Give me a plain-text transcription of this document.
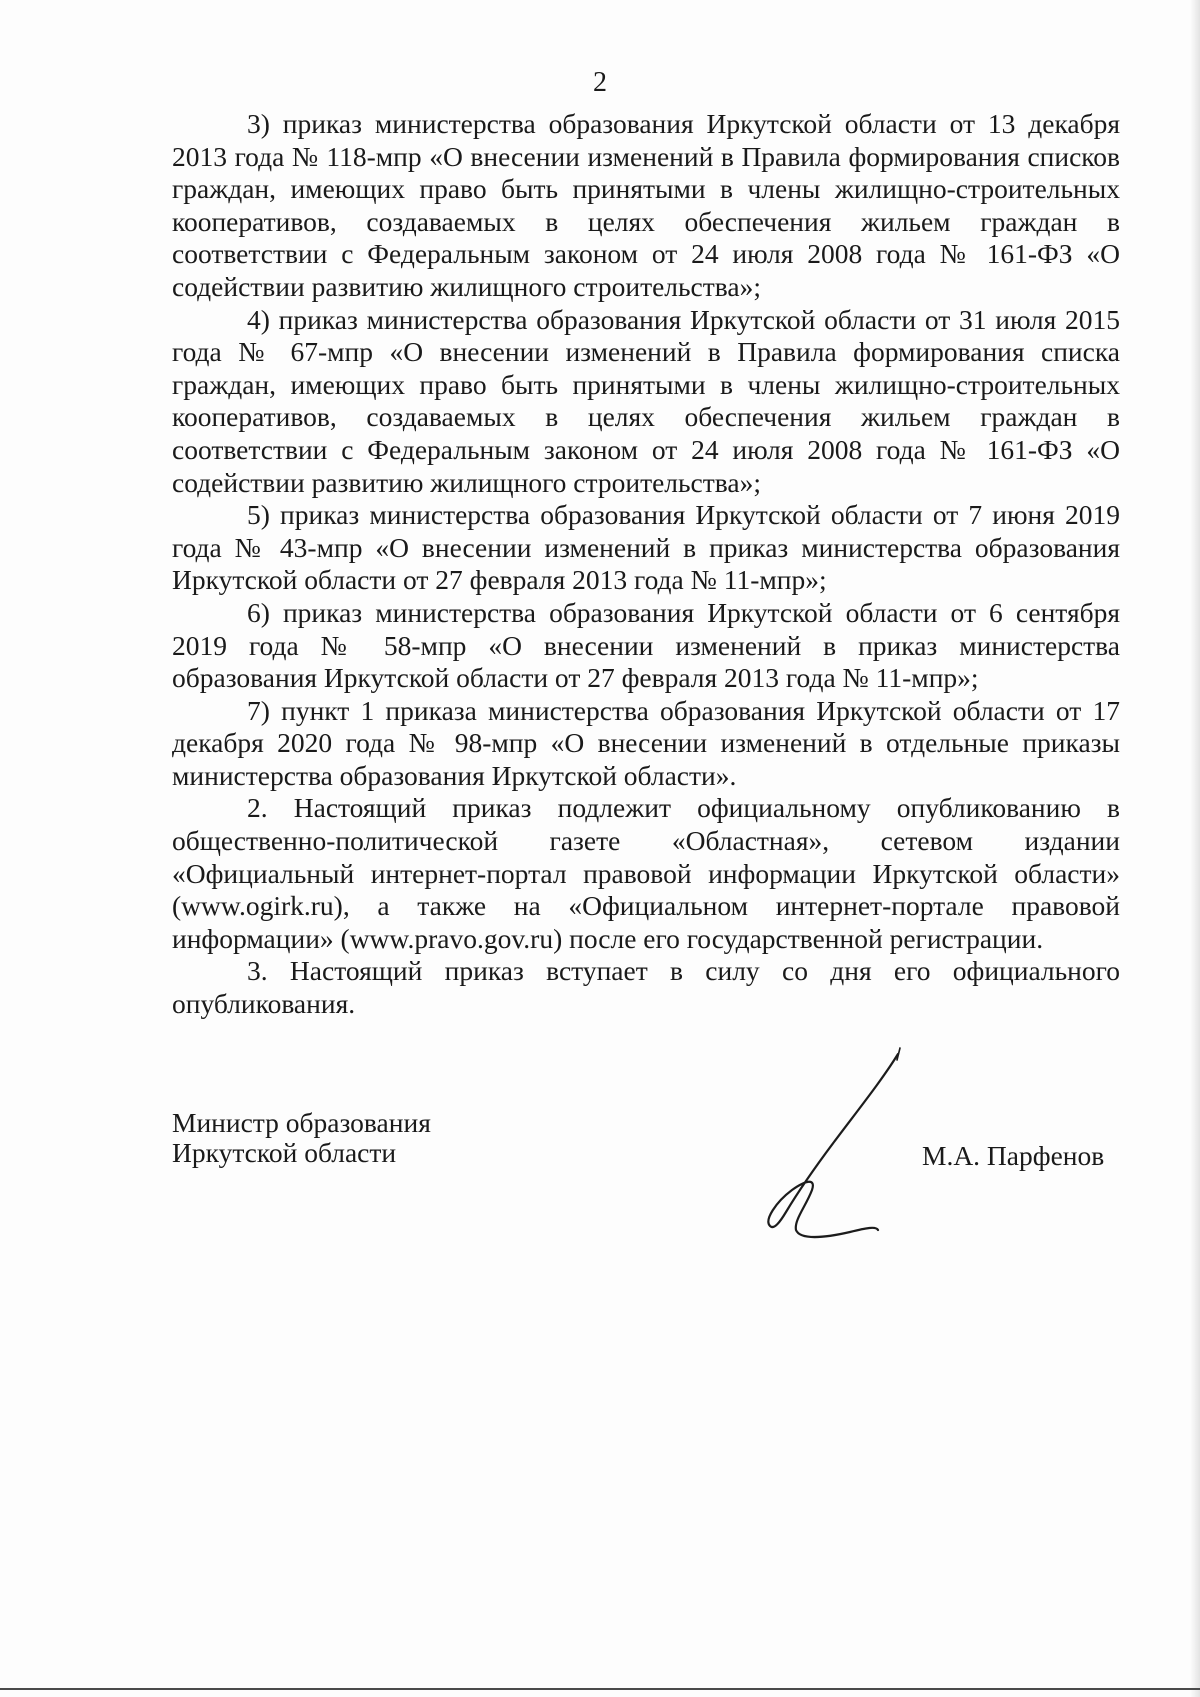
2

3) приказ министерства образования Иркутской области от 13 декабря 2013 года № 118-мпр «О внесении изменений в Правила формирования списков граждан, имеющих право быть принятыми в члены жилищно-строительных кооперативов, создаваемых в целях обеспечения жильем граждан в соответствии с Федеральным законом от 24 июля 2008 года № 161-ФЗ «О содействии развитию жилищного строительства»;

4) приказ министерства образования Иркутской области от 31 июля 2015 года № 67-мпр «О внесении изменений в Правила формирования списка граждан, имеющих право быть принятыми в члены жилищно-строительных кооперативов, создаваемых в целях обеспечения жильем граждан в соответствии с Федеральным законом от 24 июля 2008 года № 161-ФЗ «О содействии развитию жилищного строительства»;

5) приказ министерства образования Иркутской области от 7 июня 2019 года № 43-мпр «О внесении изменений в приказ министерства образования Иркутской области от 27 февраля 2013 года № 11-мпр»;

6) приказ министерства образования Иркутской области от 6 сентября 2019 года № 58-мпр «О внесении изменений в приказ министерства образования Иркутской области от 27 февраля 2013 года № 11-мпр»;

7) пункт 1 приказа министерства образования Иркутской области от 17 декабря 2020 года № 98-мпр «О внесении изменений в отдельные приказы министерства образования Иркутской области».

2. Настоящий приказ подлежит официальному опубликованию в общественно-политической газете «Областная», сетевом издании «Официальный интернет-портал правовой информации Иркутской области» (www.ogirk.ru), а также на «Официальном интернет-портале правовой информации» (www.pravo.gov.ru) после его государственной регистрации.

3. Настоящий приказ вступает в силу со дня его официального опубликования.

Министр образования
Иркутской области	М.А. Парфенов
